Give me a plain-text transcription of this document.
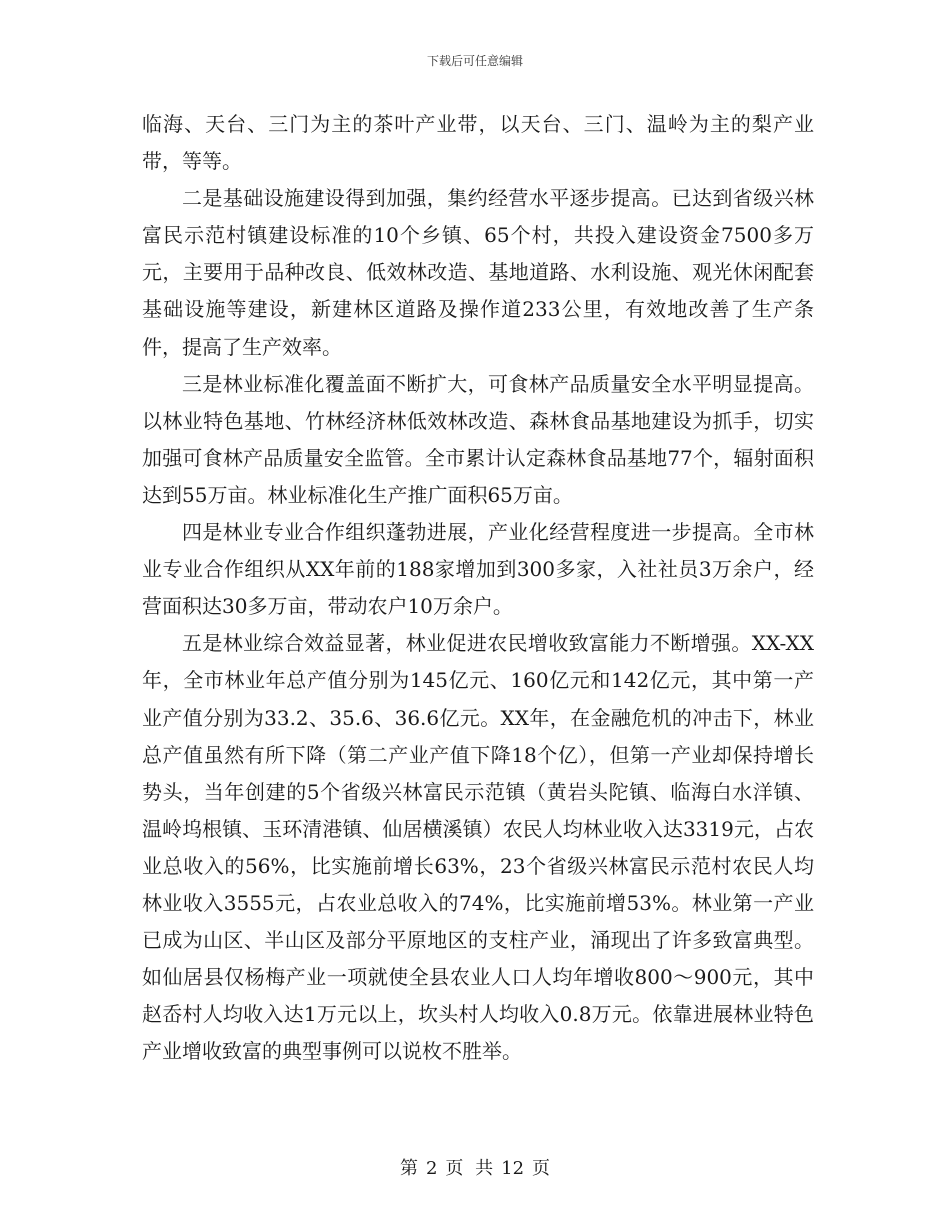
下载后可任意编辑

临海、天台、三门为主的茶叶产业带，以天台、三门、温岭为主的梨产业带，等等。

二是基础设施建设得到加强，集约经营水平逐步提高。已达到省级兴林富民示范村镇建设标准的10个乡镇、65个村，共投入建设资金7500多万元，主要用于品种改良、低效林改造、基地道路、水利设施、观光休闲配套基础设施等建设，新建林区道路及操作道233公里，有效地改善了生产条件，提高了生产效率。

三是林业标准化覆盖面不断扩大，可食林产品质量安全水平明显提高。以林业特色基地、竹林经济林低效林改造、森林食品基地建设为抓手，切实加强可食林产品质量安全监管。全市累计认定森林食品基地77个，辐射面积达到55万亩。林业标准化生产推广面积65万亩。

四是林业专业合作组织蓬勃进展，产业化经营程度进一步提高。全市林业专业合作组织从XX年前的188家增加到300多家，入社社员3万余户，经营面积达30多万亩，带动农户10万余户。

五是林业综合效益显著，林业促进农民增收致富能力不断增强。XX-XX年，全市林业年总产值分别为145亿元、160亿元和142亿元，其中第一产业产值分别为33.2、35.6、36.6亿元。XX年，在金融危机的冲击下，林业总产值虽然有所下降（第二产业产值下降18个亿），但第一产业却保持增长势头，当年创建的5个省级兴林富民示范镇（黄岩头陀镇、临海白水洋镇、温岭坞根镇、玉环清港镇、仙居横溪镇）农民人均林业收入达3319元，占农业总收入的56%，比实施前增长63%，23个省级兴林富民示范村农民人均林业收入3555元，占农业总收入的74%，比实施前增53%。林业第一产业已成为山区、半山区及部分平原地区的支柱产业，涌现出了许多致富典型。如仙居县仅杨梅产业一项就使全县农业人口人均年增收800～900元，其中赵岙村人均收入达1万元以上，坎头村人均收入0.8万元。依靠进展林业特色产业增收致富的典型事例可以说枚不胜举。

第 2 页 共 12 页
